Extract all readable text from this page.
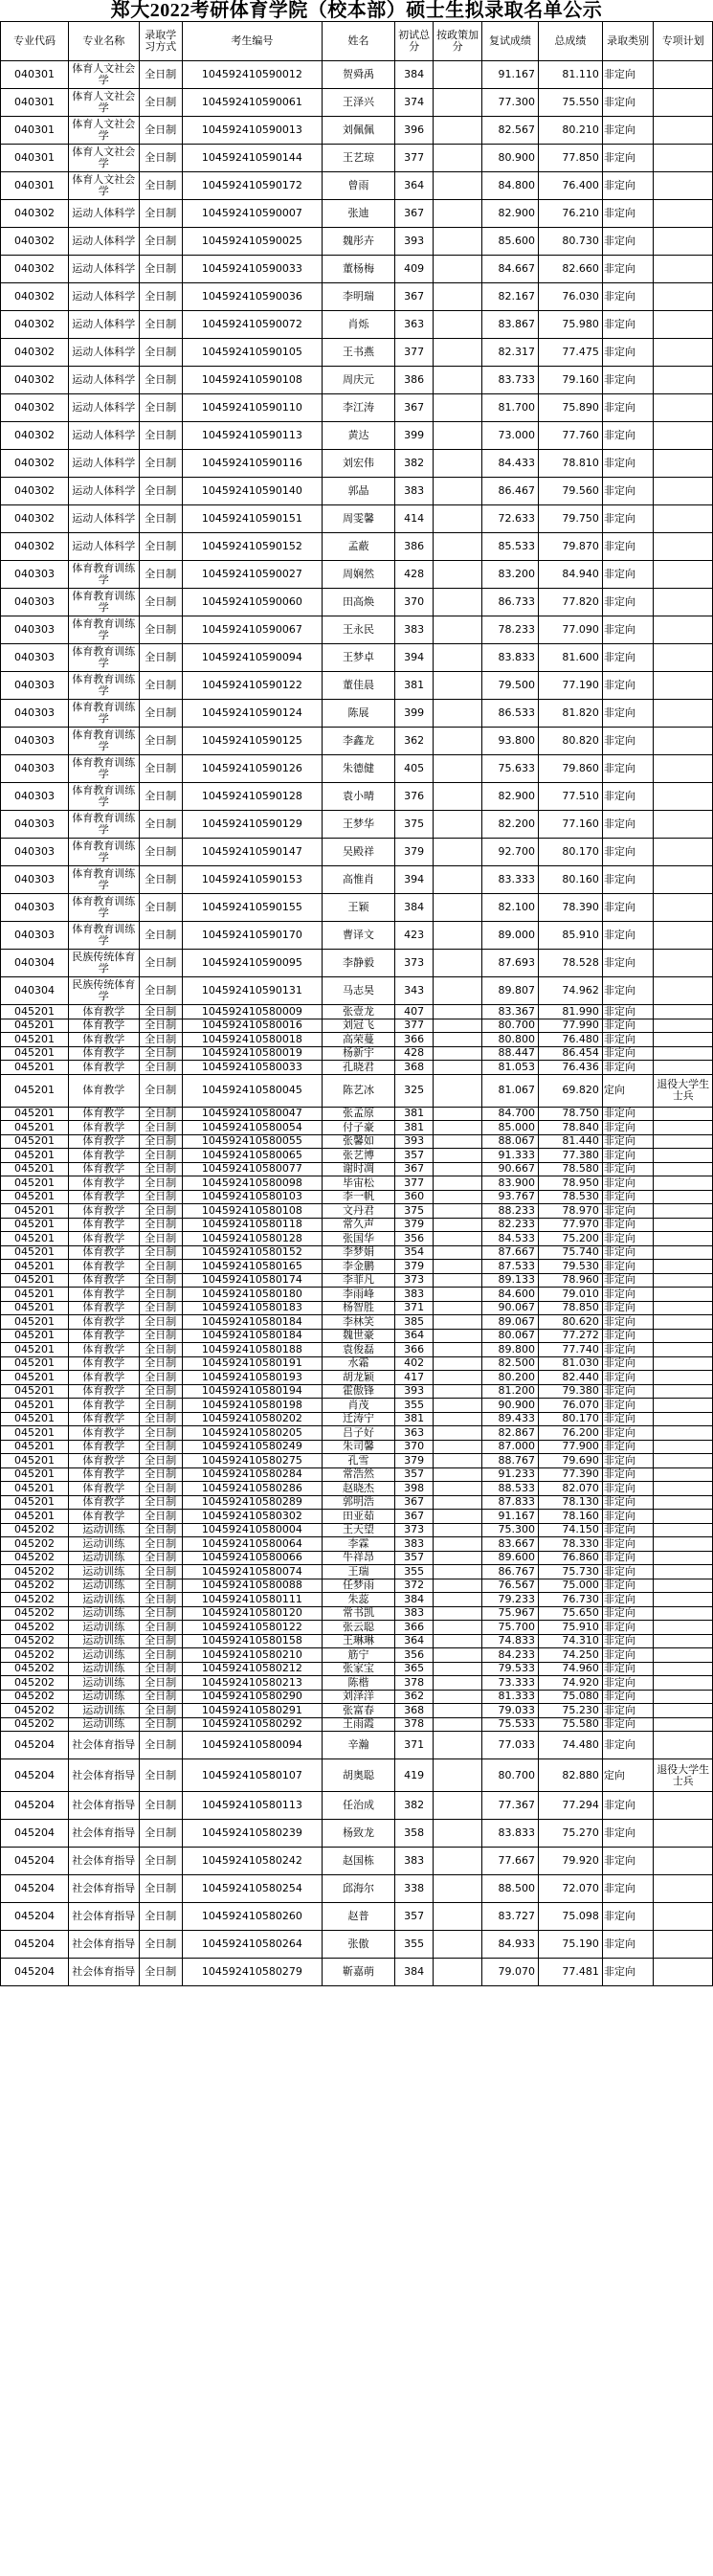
郑大2022考研体育学院（校本部）硕士生拟录取名单公示
专业代码	专业名称	录取学习方式	考生编号	姓名	初试总分	按政策加分	复试成绩	总成绩	录取类别	专项计划

040301	体育人文社会学	全日制	104592410590012	贺舜禹	384		91.167	81.110	非定向	
040301	体育人文社会学	全日制	104592410590061	王泽兴	374		77.300	75.550	非定向	
040301	体育人文社会学	全日制	104592410590013	刘佩佩	396		82.567	80.210	非定向	
040301	体育人文社会学	全日制	104592410590144	王艺琼	377		80.900	77.850	非定向	
040301	体育人文社会学	全日制	104592410590172	曾雨	364		84.800	76.400	非定向	
040302	运动人体科学	全日制	104592410590007	张迪	367		82.900	76.210	非定向	
040302	运动人体科学	全日制	104592410590025	魏彤卉	393		85.600	80.730	非定向	
040302	运动人体科学	全日制	104592410590033	董杨梅	409		84.667	82.660	非定向	
040302	运动人体科学	全日制	104592410590036	李明瑞	367		82.167	76.030	非定向	
040302	运动人体科学	全日制	104592410590072	肖烁	363		83.867	75.980	非定向	
040302	运动人体科学	全日制	104592410590105	王书燕	377		82.317	77.475	非定向	
040302	运动人体科学	全日制	104592410590108	周庆元	386		83.733	79.160	非定向	
040302	运动人体科学	全日制	104592410590110	李江涛	367		81.700	75.890	非定向	
040302	运动人体科学	全日制	104592410590113	黄达	399		73.000	77.760	非定向	
040302	运动人体科学	全日制	104592410590116	刘宏伟	382		84.433	78.810	非定向	
040302	运动人体科学	全日制	104592410590140	郭晶	383		86.467	79.560	非定向	
040302	运动人体科学	全日制	104592410590151	周雯馨	414		72.633	79.750	非定向	
040302	运动人体科学	全日制	104592410590152	孟蔽	386		85.533	79.870	非定向	
040303	体育教育训练学	全日制	104592410590027	周娴然	428		83.200	84.940	非定向	
040303	体育教育训练学	全日制	104592410590060	田高焕	370		86.733	77.820	非定向	
040303	体育教育训练学	全日制	104592410590067	王永民	383		78.233	77.090	非定向	
040303	体育教育训练学	全日制	104592410590094	王梦卓	394		83.833	81.600	非定向	
040303	体育教育训练学	全日制	104592410590122	董佳晨	381		79.500	77.190	非定向	
040303	体育教育训练学	全日制	104592410590124	陈展	399		86.533	81.820	非定向	
040303	体育教育训练学	全日制	104592410590125	李鑫龙	362		93.800	80.820	非定向	
040303	体育教育训练学	全日制	104592410590126	朱德健	405		75.633	79.860	非定向	
040303	体育教育训练学	全日制	104592410590128	袁小晴	376		82.900	77.510	非定向	
040303	体育教育训练学	全日制	104592410590129	王梦华	375		82.200	77.160	非定向	
040303	体育教育训练学	全日制	104592410590147	吴殿祥	379		92.700	80.170	非定向	
040303	体育教育训练学	全日制	104592410590153	高惟肖	394		83.333	80.160	非定向	
040303	体育教育训练学	全日制	104592410590155	王颖	384		82.100	78.390	非定向	
040303	体育教育训练学	全日制	104592410590170	曹译文	423		89.000	85.910	非定向	
040304	民族传统体育学	全日制	104592410590095	李静毅	373		87.693	78.528	非定向	
040304	民族传统体育学	全日制	104592410590131	马志昊	343		89.807	74.962	非定向	
045201	体育教学	全日制	104592410580009	张壹龙	407		83.367	81.990	非定向	
045201	体育教学	全日制	104592410580016	刘冠飞	377		80.700	77.990	非定向	
045201	体育教学	全日制	104592410580018	高荣蔓	366		80.800	76.480	非定向	
045201	体育教学	全日制	104592410580019	杨新宇	428		88.447	86.454	非定向	
045201	体育教学	全日制	104592410580033	孔晓君	368		81.053	76.436	非定向	
045201	体育教学	全日制	104592410580045	陈艺冰	325		81.067	69.820	定向	退役大学生士兵
045201	体育教学	全日制	104592410580047	张孟原	381		84.700	78.750	非定向	
045201	体育教学	全日制	104592410580054	付子豪	381		85.000	78.840	非定向	
045201	体育教学	全日制	104592410580055	张馨如	393		88.067	81.440	非定向	
045201	体育教学	全日制	104592410580065	张艺博	357		91.333	77.380	非定向	
045201	体育教学	全日制	104592410580077	谢时凋	367		90.667	78.580	非定向	
045201	体育教学	全日制	104592410580098	毕宙松	377		83.900	78.950	非定向	
045201	体育教学	全日制	104592410580103	李一帆	360		93.767	78.530	非定向	
045201	体育教学	全日制	104592410580108	文丹君	375		88.233	78.970	非定向	
045201	体育教学	全日制	104592410580118	常久声	379		82.233	77.970	非定向	
045201	体育教学	全日制	104592410580128	张国华	356		84.533	75.200	非定向	
045201	体育教学	全日制	104592410580152	李梦娟	354		87.667	75.740	非定向	
045201	体育教学	全日制	104592410580165	李金鹏	379		87.533	79.530	非定向	
045201	体育教学	全日制	104592410580174	李菲凡	373		89.133	78.960	非定向	
045201	体育教学	全日制	104592410580180	李雨峰	383		84.600	79.010	非定向	
045201	体育教学	全日制	104592410580183	杨智胜	371		90.067	78.850	非定向	
045201	体育教学	全日制	104592410580184	李林笑	385		89.067	80.620	非定向	
045201	体育教学	全日制	104592410580184	魏世豪	364		80.067	77.272	非定向	
045201	体育教学	全日制	104592410580188	袁俊磊	366		89.800	77.740	非定向	
045201	体育教学	全日制	104592410580191	水霜	402		82.500	81.030	非定向	
045201	体育教学	全日制	104592410580193	胡龙颖	417		80.200	82.440	非定向	
045201	体育教学	全日制	104592410580194	霍傲锋	393		81.200	79.380	非定向	
045201	体育教学	全日制	104592410580198	肖茂	355		90.900	76.070	非定向	
045201	体育教学	全日制	104592410580202	迁涛宁	381		89.433	80.170	非定向	
045201	体育教学	全日制	104592410580205	吕子好	363		82.867	76.200	非定向	
045201	体育教学	全日制	104592410580249	朱司馨	370		87.000	77.900	非定向	
045201	体育教学	全日制	104592410580275	孔雪	379		88.767	79.690	非定向	
045201	体育教学	全日制	104592410580284	常浩然	357		91.233	77.390	非定向	
045201	体育教学	全日制	104592410580286	赵晓杰	398		88.533	82.070	非定向	
045201	体育教学	全日制	104592410580289	郭明浩	367		87.833	78.130	非定向	
045201	体育教学	全日制	104592410580302	田亚茹	367		91.167	78.160	非定向	
045202	运动训练	全日制	104592410580004	王天望	373		75.300	74.150	非定向	
045202	运动训练	全日制	104592410580064	李霖	383		83.667	78.330	非定向	
045202	运动训练	全日制	104592410580066	牛祥昂	357		89.600	76.860	非定向	
045202	运动训练	全日制	104592410580074	王瑞	355		86.767	75.730	非定向	
045202	运动训练	全日制	104592410580088	任梦雨	372		76.567	75.000	非定向	
045202	运动训练	全日制	104592410580111	朱蕊	384		79.233	76.730	非定向	
045202	运动训练	全日制	104592410580120	常书凯	383		75.967	75.650	非定向	
045202	运动训练	全日制	104592410580122	张云聪	366		75.700	75.910	非定向	
045202	运动训练	全日制	104592410580158	王琳琳	364		74.833	74.310	非定向	
045202	运动训练	全日制	104592410580210	筋宁	356		84.233	74.250	非定向	
045202	运动训练	全日制	104592410580212	张家宝	365		79.533	74.960	非定向	
045202	运动训练	全日制	104592410580213	陈楷	378		73.333	74.920	非定向	
045202	运动训练	全日制	104592410580290	刘泽洋	362		81.333	75.080	非定向	
045202	运动训练	全日制	104592410580291	张富春	368		79.033	75.230	非定向	
045202	运动训练	全日制	104592410580292	王雨霞	378		75.533	75.580	非定向	
045204	社会体育指导	全日制	104592410580094	辛瀚	371		77.033	74.480	非定向	
045204	社会体育指导	全日制	104592410580107	胡奥聪	419		80.700	82.880	定向	退役大学生士兵
045204	社会体育指导	全日制	104592410580113	任治成	382		77.367	77.294	非定向	
045204	社会体育指导	全日制	104592410580239	杨致龙	358		83.833	75.270	非定向	
045204	社会体育指导	全日制	104592410580242	赵国栋	383		77.667	79.920	非定向	
045204	社会体育指导	全日制	104592410580254	邱海尔	338		88.500	72.070	非定向	
045204	社会体育指导	全日制	104592410580260	赵普	357		83.727	75.098	非定向	
045204	社会体育指导	全日制	104592410580264	张傲	355		84.933	75.190	非定向	
045204	社会体育指导	全日制	104592410580279	靳嘉萌	384		79.070	77.481	非定向	
